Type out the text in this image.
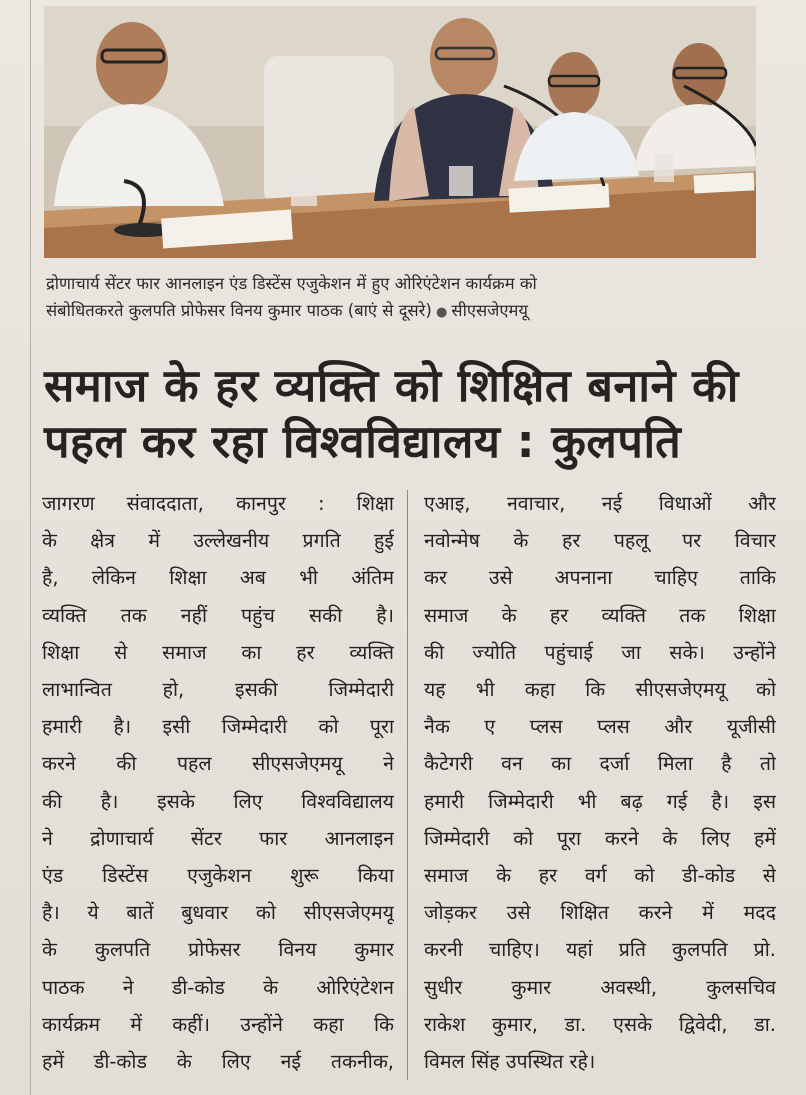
द्रोणाचार्य सेंटर फार आनलाइन एंड डिस्टेंस एजुकेशन में हुए ओरिएंटेशन कार्यक्रम को

संबोधितकरते कुलपति प्रोफेसर विनय कुमार पाठक (बाएं से दूसरे) ● सीएसजेएमयू

समाज के हर व्यक्ति को शिक्षित बनाने की

पहल कर रहा विश्वविद्यालय : कुलपति

जागरण संवाददाता, कानपुर : शिक्षा

के क्षेत्र में उल्लेखनीय प्रगति हुई

है, लेकिन शिक्षा अब भी अंतिम

व्यक्ति तक नहीं पहुंच सकी है।

शिक्षा से समाज का हर व्यक्ति

लाभान्वित हो, इसकी जिम्मेदारी

हमारी है। इसी जिम्मेदारी को पूरा

करने की पहल सीएसजेएमयू ने

की है। इसके लिए विश्वविद्यालय

ने द्रोणाचार्य सेंटर फार आनलाइन

एंड डिस्टेंस एजुकेशन शुरू किया

है। ये बातें बुधवार को सीएसजेएमयू

के कुलपति प्रोफेसर विनय कुमार

पाठक ने डी-कोड के ओरिएंटेशन

कार्यक्रम में कहीं। उन्होंने कहा कि

हमें डी-कोड के लिए नई तकनीक,

एआइ, नवाचार, नई विधाओं और

नवोन्मेष के हर पहलू पर विचार

कर उसे अपनाना चाहिए ताकि

समाज के हर व्यक्ति तक शिक्षा

की ज्योति पहुंचाई जा सके। उन्होंने

यह भी कहा कि सीएसजेएमयू को

नैक ए प्लस प्लस और यूजीसी

कैटेगरी वन का दर्जा मिला है तो

हमारी जिम्मेदारी भी बढ़ गई है। इस

जिम्मेदारी को पूरा करने के लिए हमें

समाज के हर वर्ग को डी-कोड से

जोड़कर उसे शिक्षित करने में मदद

करनी चाहिए। यहां प्रति कुलपति प्रो.

सुधीर कुमार अवस्थी, कुलसचिव

राकेश कुमार, डा. एसके द्विवेदी, डा.

विमल सिंह उपस्थित रहे।
